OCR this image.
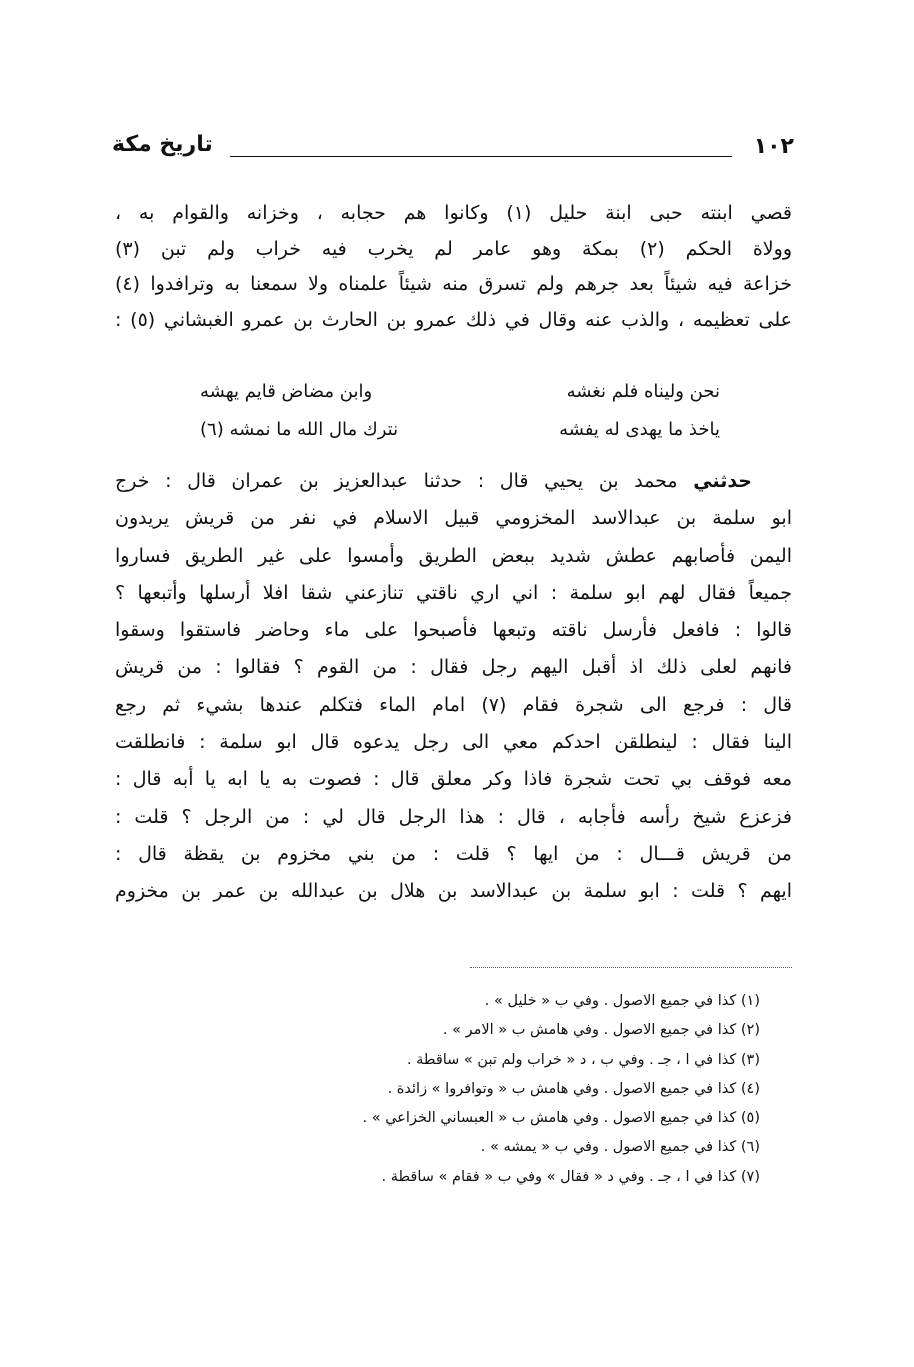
١٠٢
تاريخ مكة
قصي ابنته حبى ابنة حليل (١) وكانوا هم حجابه ، وخزانه والقوام به ،
وولاة الحكم (٢) بمكة وهو عامر لم يخرب فيه خراب ولم تبن (٣)
خزاعة فيه شيئاً بعد جرهم ولم تسرق منه شيئاً علمناه ولا سمعنا به وترافدوا (٤)
على تعظيمه ، والذب عنه وقال في ذلك عمرو بن الحارث بن عمرو الغبشاني (٥) :
نحن وليناه فلم نغشه
وابن مضاض قايم يهشه
ياخذ ما يهدى له يفشه
نترك مال الله ما نمشه (٦)
حدثني محمد بن يحيي قال : حدثنا عبدالعزيز بن عمران قال : خرج
ابو سلمة بن عبدالاسد المخزومي قبيل الاسلام في نفر من قريش يريدون
اليمن فأصابهم عطش شديد ببعض الطريق وأمسوا على غير الطريق فساروا
جميعاً فقال لهم ابو سلمة : اني اري ناقتي تنازعني شقا افلا أرسلها وأتبعها ؟
قالوا : فافعل فأرسل ناقته وتبعها فأصبحوا على ماء وحاضر فاستقوا وسقوا
فانهم لعلى ذلك اذ أقبل اليهم رجل فقال : من القوم ؟ فقالوا : من قريش
قال : فرجع الى شجرة فقام (٧) امام الماء فتكلم عندها بشيء ثم رجع
الينا فقال : لينطلقن احدكم معي الى رجل يدعوه قال ابو سلمة : فانطلقت
معه فوقف بي تحت شجرة فاذا وكر معلق قال : فصوت به يا ابه يا أبه قال :
فزعزع شيخ رأسه فأجابه ، قال : هذا الرجل قال لي : من الرجل ؟ قلت :
من قريش قـــال : من ايها ؟ قلت : من بني مخزوم بن يقظة قال :
ايهم ؟ قلت : ابو سلمة بن عبدالاسد بن هلال بن عبدالله بن عمر بن مخزوم
(١) كذا في جميع الاصول . وفي ب « خليل » .
(٢) كذا في جميع الاصول . وفي هامش ب « الامر » .
(٣) كذا في ا ، جـ . وفي ب ، د « خراب ولم تبن » ساقطة .
(٤) كذا في جميع الاصول . وفي هامش ب « وتوافروا » زائدة .
(٥) كذا في جميع الاصول . وفي هامش ب « العبساني الخزاعي » .
(٦) كذا في جميع الاصول . وفي ب « يمشه » .
(٧) كذا في ا ، جـ . وفي د « فقال » وفي ب « فقام » ساقطة .
